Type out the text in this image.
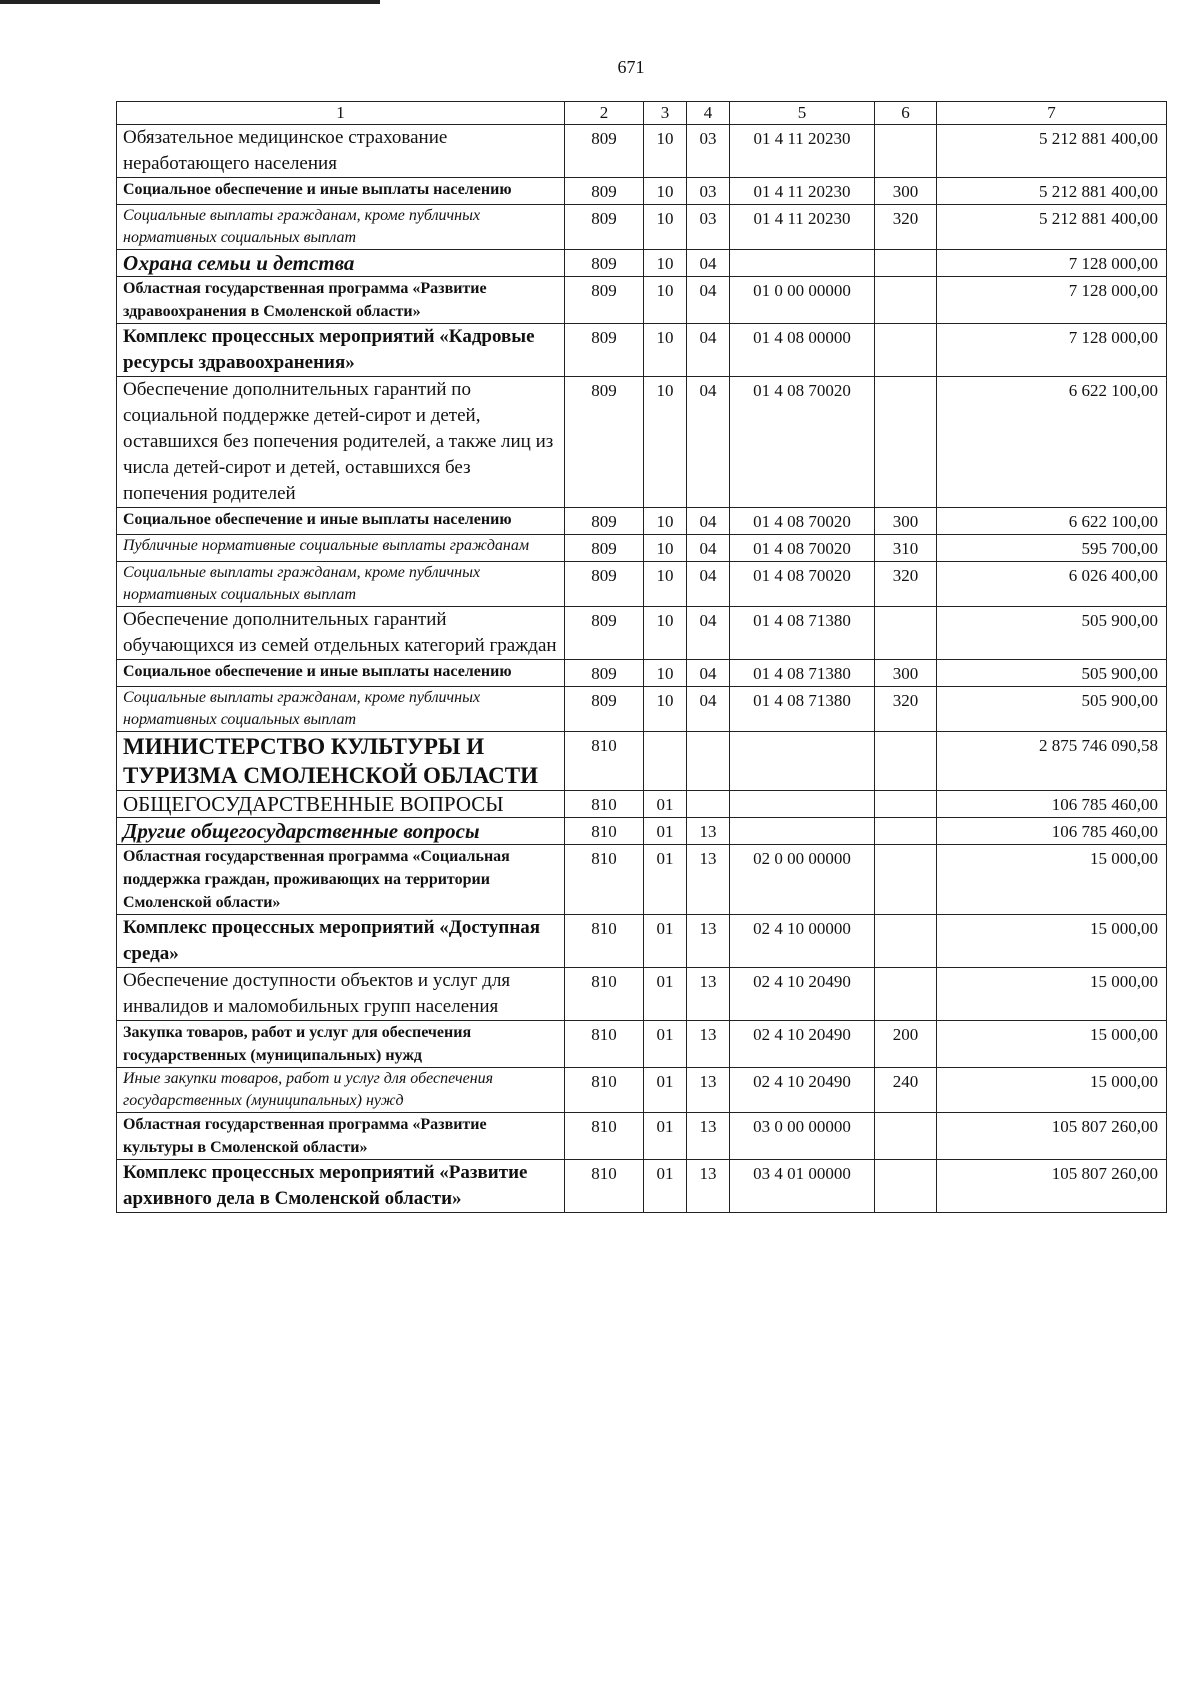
671
1	2	3	4	5	6	7
Обязательное медицинское страхование неработающего населения	809	10	03	01 4 11 20230		5 212 881 400,00
Социальное обеспечение и иные выплаты населению	809	10	03	01 4 11 20230	300	5 212 881 400,00
Социальные выплаты гражданам, кроме публичных нормативных социальных выплат	809	10	03	01 4 11 20230	320	5 212 881 400,00
Охрана семьи и детства	809	10	04			7 128 000,00
Областная государственная программа «Развитие здравоохранения в Смоленской области»	809	10	04	01 0 00 00000		7 128 000,00
Комплекс процессных мероприятий «Кадровые ресурсы здравоохранения»	809	10	04	01 4 08 00000		7 128 000,00
Обеспечение дополнительных гарантий по социальной поддержке детей-сирот и детей, оставшихся без попечения родителей, а также лиц из числа детей-сирот и детей, оставшихся без попечения родителей	809	10	04	01 4 08 70020		6 622 100,00
Социальное обеспечение и иные выплаты населению	809	10	04	01 4 08 70020	300	6 622 100,00
Публичные нормативные социальные выплаты гражданам	809	10	04	01 4 08 70020	310	595 700,00
Социальные выплаты гражданам, кроме публичных нормативных социальных выплат	809	10	04	01 4 08 70020	320	6 026 400,00
Обеспечение дополнительных гарантий обучающихся из семей отдельных категорий граждан	809	10	04	01 4 08 71380		505 900,00
Социальное обеспечение и иные выплаты населению	809	10	04	01 4 08 71380	300	505 900,00
Социальные выплаты гражданам, кроме публичных нормативных социальных выплат	809	10	04	01 4 08 71380	320	505 900,00
МИНИСТЕРСТВО КУЛЬТУРЫ И ТУРИЗМА СМОЛЕНСКОЙ ОБЛАСТИ	810					2 875 746 090,58
ОБЩЕГОСУДАРСТВЕННЫЕ ВОПРОСЫ	810	01				106 785 460,00
Другие общегосударственные вопросы	810	01	13			106 785 460,00
Областная государственная программа «Социальная поддержка граждан, проживающих на территории Смоленской области»	810	01	13	02 0 00 00000		15 000,00
Комплекс процессных мероприятий «Доступная среда»	810	01	13	02 4 10 00000		15 000,00
Обеспечение доступности объектов и услуг для инвалидов и маломобильных групп населения	810	01	13	02 4 10 20490		15 000,00
Закупка товаров, работ и услуг для обеспечения государственных (муниципальных) нужд	810	01	13	02 4 10 20490	200	15 000,00
Иные закупки товаров, работ и услуг для обеспечения государственных (муниципальных) нужд	810	01	13	02 4 10 20490	240	15 000,00
Областная государственная программа «Развитие культуры в Смоленской области»	810	01	13	03 0 00 00000		105 807 260,00
Комплекс процессных мероприятий «Развитие архивного дела в Смоленской области»	810	01	13	03 4 01 00000		105 807 260,00
